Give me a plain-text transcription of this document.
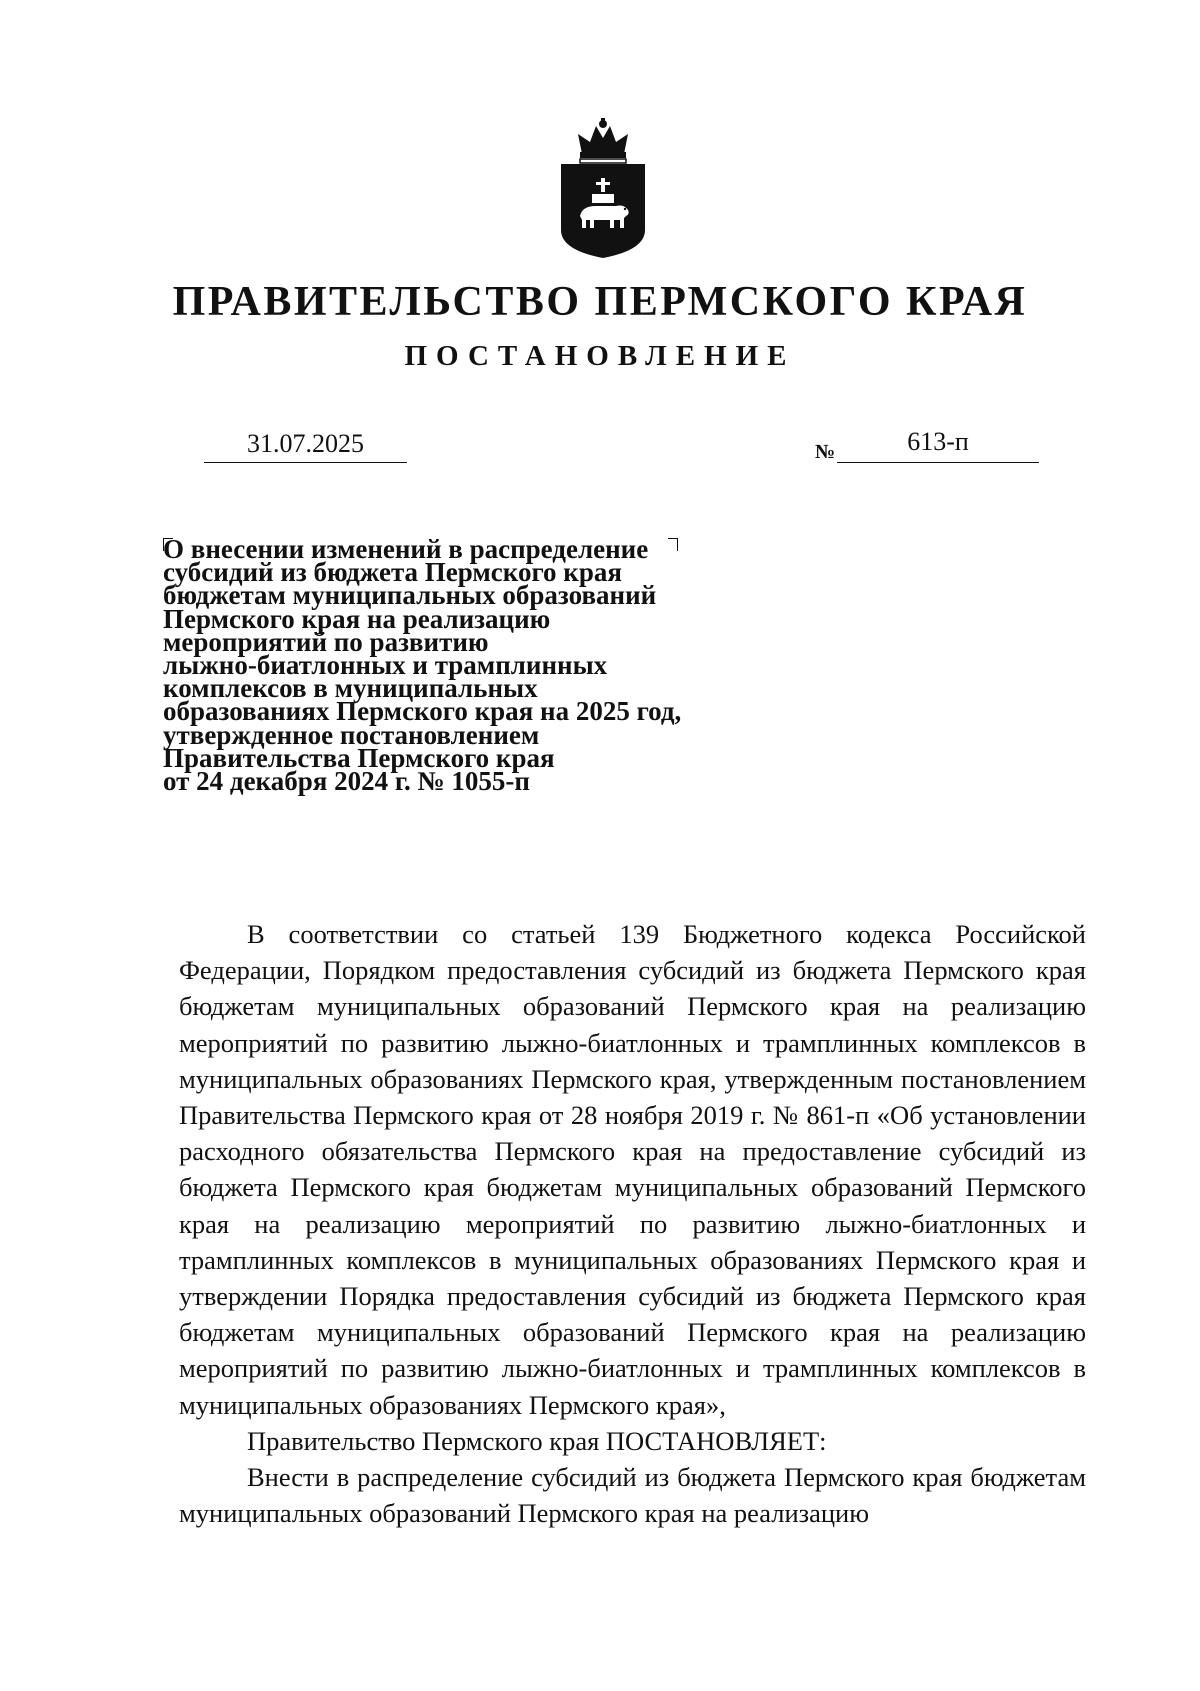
ПРАВИТЕЛЬСТВО ПЕРМСКОГО КРАЯ
ПОСТАНОВЛЕНИЕ
31.07.2025	№	613-п

О внесении изменений в распределение

субсидий из бюджета Пермского края

бюджетам муниципальных образований

Пермского края на реализацию

мероприятий по развитию

лыжно-биатлонных и трамплинных

комплексов в муниципальных

образованиях Пермского края на 2025 год,

утвержденное постановлением

Правительства Пермского края

от 24 декабря 2024 г. № 1055-п

В соответствии со статьей 139 Бюджетного кодекса Российской Федерации, Порядком предоставления субсидий из бюджета Пермского края бюджетам муниципальных образований Пермского края на реализацию мероприятий по развитию лыжно-биатлонных и трамплинных комплексов в муниципальных образованиях Пермского края, утвержденным постановлением Правительства Пермского края от 28 ноября 2019 г. № 861-п «Об установлении расходного обязательства Пермского края на предоставление субсидий из бюджета Пермского края бюджетам муниципальных образований Пермского края на реализацию мероприятий по развитию лыжно-биатлонных и трамплинных комплексов в муниципальных образованиях Пермского края и утверждении Порядка предоставления субсидий из бюджета Пермского края бюджетам муниципальных образований Пермского края на реализацию мероприятий по развитию лыжно-биатлонных и трамплинных комплексов в муниципальных образованиях Пермского края»,

Правительство Пермского края ПОСТАНОВЛЯЕТ:

Внести в распределение субсидий из бюджета Пермского края бюджетам муниципальных образований Пермского края на реализацию
